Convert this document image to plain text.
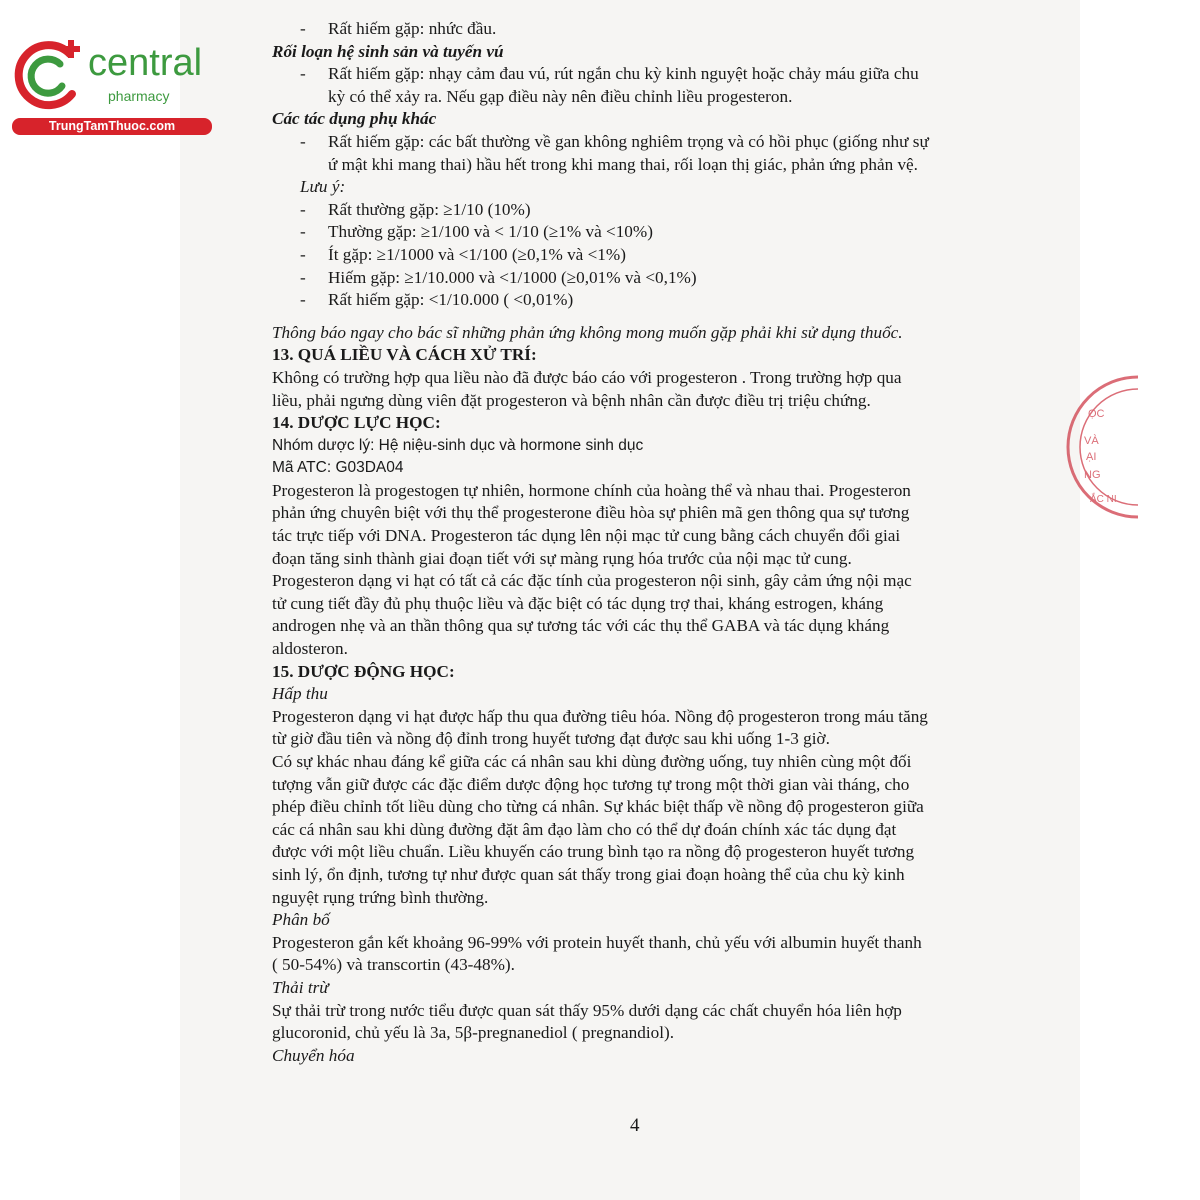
central
pharmacy
TrungTamThuoc.com
ỌC
VÀ
ẠI
NG
ẮC NI
- Rất hiếm gặp: nhức đầu.
Rối loạn hệ sinh sản và tuyến vú
- Rất hiếm gặp: nhạy cảm đau vú, rút ngắn chu kỳ kinh nguyệt hoặc chảy máu giữa chu
kỳ có thể xảy ra. Nếu gạp điều này nên điều chỉnh liều progesteron.
Các tác dụng phụ khác
- Rất hiếm gặp: các bất thường về gan không nghiêm trọng và có hồi phục (giống như sự
ứ mật khi mang thai) hầu hết trong khi mang thai, rối loạn thị giác, phản ứng phản vệ.
Lưu ý:
- Rất thường gặp: ≥1/10 (10%)
- Thường gặp: ≥1/100 và < 1/10 (≥1% và <10%)
- Ít gặp: ≥1/1000 và <1/100 (≥0,1% và <1%)
- Hiếm gặp: ≥1/10.000 và <1/1000 (≥0,01% và <0,1%)
- Rất hiếm gặp: <1/10.000 ( <0,01%)
Thông báo ngay cho bác sĩ những phản ứng không mong muốn gặp phải khi sử dụng thuốc.
13. QUÁ LIỀU VÀ CÁCH XỬ TRÍ:
Không có trường hợp qua liều nào đã được báo cáo với progesteron . Trong trường hợp qua
liều, phải ngưng dùng viên đặt progesteron và bệnh nhân cần được điều trị triệu chứng.
14. DƯỢC LỰC HỌC:
Nhóm dược lý: Hệ niệu-sinh dục và hormone sinh dục
Mã ATC: G03DA04
Progesteron là progestogen tự nhiên, hormone chính của hoàng thể và nhau thai. Progesteron
phản ứng chuyên biệt với thụ thể progesterone điều hòa sự phiên mã gen thông qua sự tương
tác trực tiếp với DNA. Progesteron tác dụng lên nội mạc tử cung bằng cách chuyển đổi giai
đoạn tăng sinh thành giai đoạn tiết với sự màng rụng hóa trước của nội mạc tử cung.
Progesteron dạng vi hạt có tất cả các đặc tính của progesteron nội sinh, gây cảm ứng nội mạc
tử cung tiết đầy đủ phụ thuộc liều và đặc biệt có tác dụng trợ thai, kháng estrogen, kháng
androgen nhẹ và an thần thông qua sự tương tác với các thụ thể GABA và tác dụng kháng
aldosteron.
15. DƯỢC ĐỘNG HỌC:
Hấp thu
Progesteron dạng vi hạt được hấp thu qua đường tiêu hóa. Nồng độ progesteron trong máu tăng
từ giờ đầu tiên và nồng độ đỉnh trong huyết tương đạt được sau khi uống 1-3 giờ.
Có sự khác nhau đáng kể giữa các cá nhân sau khi dùng đường uống, tuy nhiên cùng một đối
tượng vẫn giữ được các đặc điểm dược động học tương tự trong một thời gian vài tháng, cho
phép điều chỉnh tốt liều dùng cho từng cá nhân. Sự khác biệt thấp về nồng độ progesteron giữa
các cá nhân sau khi dùng đường đặt âm đạo làm cho có thể dự đoán chính xác tác dụng đạt
được với một liều chuẩn. Liều khuyến cáo trung bình tạo ra nồng độ progesteron huyết tương
sinh lý, ổn định, tương tự như được quan sát thấy trong giai đoạn hoàng thể của chu kỳ kinh
nguyệt rụng trứng bình thường.
Phân bố
Progesteron gắn kết khoảng 96-99% với protein huyết thanh, chủ yếu với albumin huyết thanh
( 50-54%) và transcortin (43-48%).
Thải trừ
Sự thải trừ trong nước tiểu được quan sát thấy 95% dưới dạng các chất chuyển hóa liên hợp
glucoronid, chủ yếu là 3a, 5β-pregnanediol ( pregnandiol).
Chuyển hóa
4
